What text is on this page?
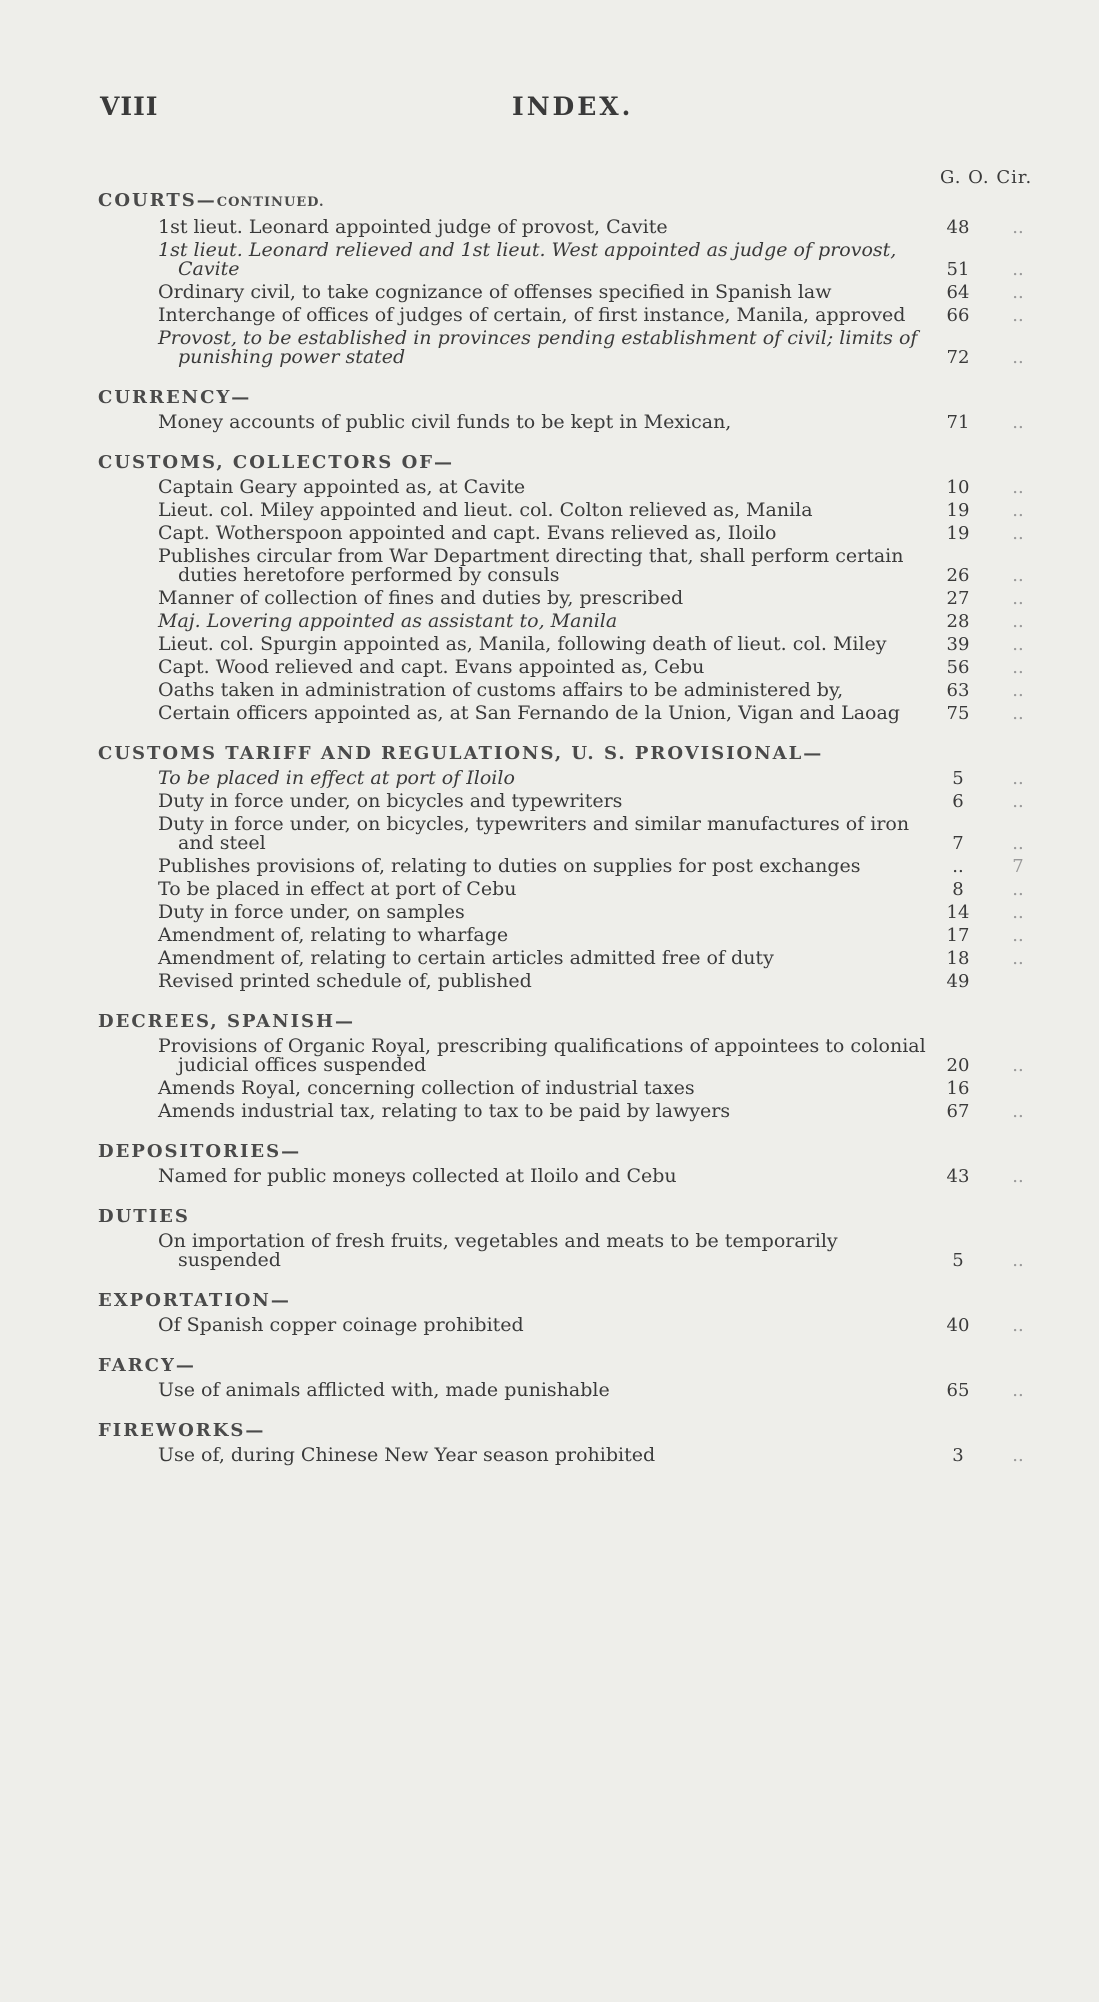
VIII	INDEX.
G. O. Cir.
COURTS—CONTINUED.
1st lieut. Leonard appointed judge of provost, Cavite	48	..
1st lieut. Leonard relieved and 1st lieut. West appointed as judge of provost, Cavite	51	..
Ordinary civil, to take cognizance of offenses specified in Spanish law	64	..
Interchange of offices of judges of certain, of first instance, Manila, approved	66	..
Provost, to be established in provinces pending establishment of civil; limits of punishing power stated	72	..
CURRENCY—
Money accounts of public civil funds to be kept in Mexican,	71	..
CUSTOMS, COLLECTORS OF—
Captain Geary appointed as, at Cavite	10	..
Lieut. col. Miley appointed and lieut. col. Colton relieved as, Manila	19	..
Capt. Wotherspoon appointed and capt. Evans relieved as, Iloilo	19	..
Publishes circular from War Department directing that, shall perform certain duties heretofore performed by consuls	26	..
Manner of collection of fines and duties by, prescribed	27	..
Maj. Lovering appointed as assistant to, Manila	28	..
Lieut. col. Spurgin appointed as, Manila, following death of lieut. col. Miley	39	..
Capt. Wood relieved and capt. Evans appointed as, Cebu	56	..
Oaths taken in administration of customs affairs to be administered by,	63	..
Certain officers appointed as, at San Fernando de la Union, Vigan and Laoag	75	..
CUSTOMS TARIFF AND REGULATIONS, U. S. PROVISIONAL—
To be placed in effect at port of Iloilo	5	..
Duty in force under, on bicycles and typewriters	6	..
Duty in force under, on bicycles, typewriters and similar manufactures of iron and steel	7	..
Publishes provisions of, relating to duties on supplies for post exchanges	..	7
To be placed in effect at port of Cebu	8	..
Duty in force under, on samples	14	..
Amendment of, relating to wharfage	17	..
Amendment of, relating to certain articles admitted free of duty	18	..
Revised printed schedule of, published	49
DECREES, SPANISH—
Provisions of Organic Royal, prescribing qualifications of appointees to colonial judicial offices suspended	20	..
Amends Royal, concerning collection of industrial taxes	16
Amends industrial tax, relating to tax to be paid by lawyers	67	..
DEPOSITORIES—
Named for public moneys collected at Iloilo and Cebu	43	..
DUTIES
On importation of fresh fruits, vegetables and meats to be temporarily suspended	5	..
EXPORTATION—
Of Spanish copper coinage prohibited	40	..
FARCY—
Use of animals afflicted with, made punishable	65	..
FIREWORKS—
Use of, during Chinese New Year season prohibited	3	..
